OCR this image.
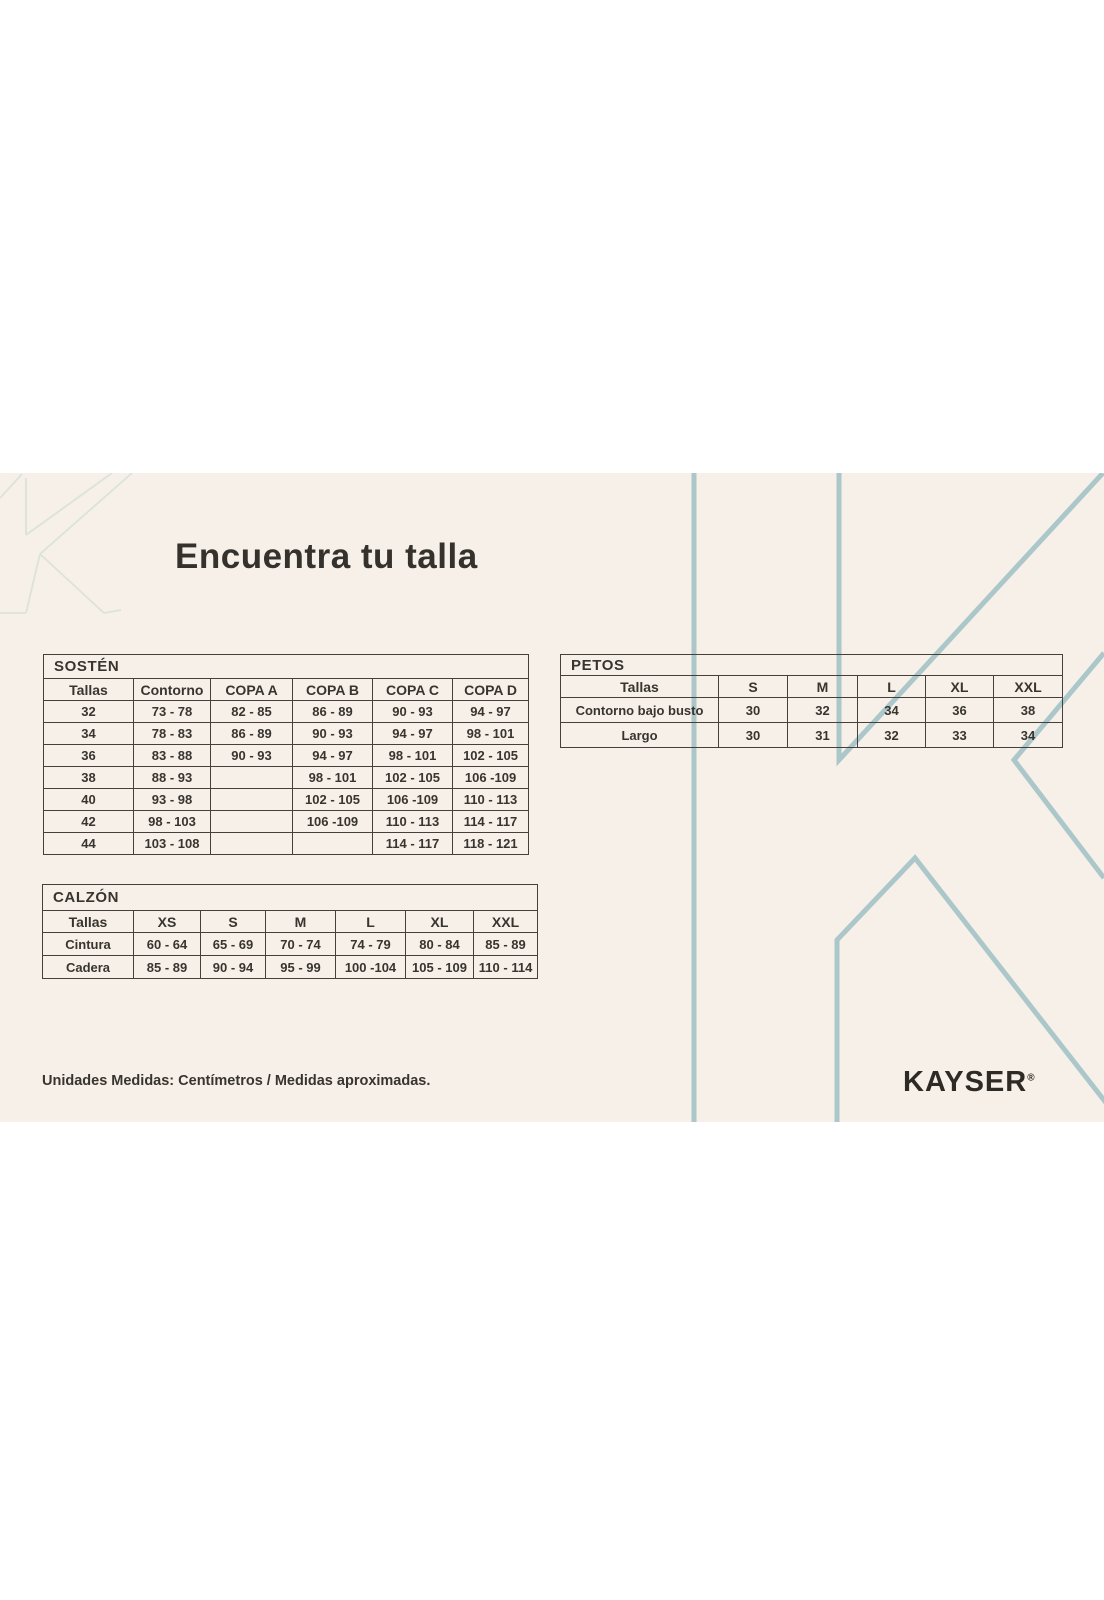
Encuentra tu talla
SOSTÉN					
Tallas	Contorno	COPA A	COPA B	COPA C	COPA D
32	73 - 78	82 - 85	86 - 89	90 - 93	94 - 97
34	78 - 83	86 - 89	90 - 93	94 - 97	98 - 101
36	83 - 88	90 - 93	94 - 97	98 - 101	102 - 105
38	88 - 93		98 - 101	102 - 105	106 -109
40	93 - 98		102 - 105	106 -109	110 - 113
42	98 - 103		106 -109	110 - 113	114 - 117
44	103 - 108			114 - 117	118 - 121
PETOS					
Tallas	S	M	L	XL	XXL
Contorno bajo busto	30	32	34	36	38
Largo	30	31	32	33	34
CALZÓN						
Tallas	XS	S	M	L	XL	XXL
Cintura	60 - 64	65 - 69	70 - 74	74 - 79	80 - 84	85 - 89
Cadera	85 - 89	90 - 94	95 - 99	100 -104	105 - 109	110 - 114

Unidades Medidas: Centímetros / Medidas aproximadas.	KAYSER®
